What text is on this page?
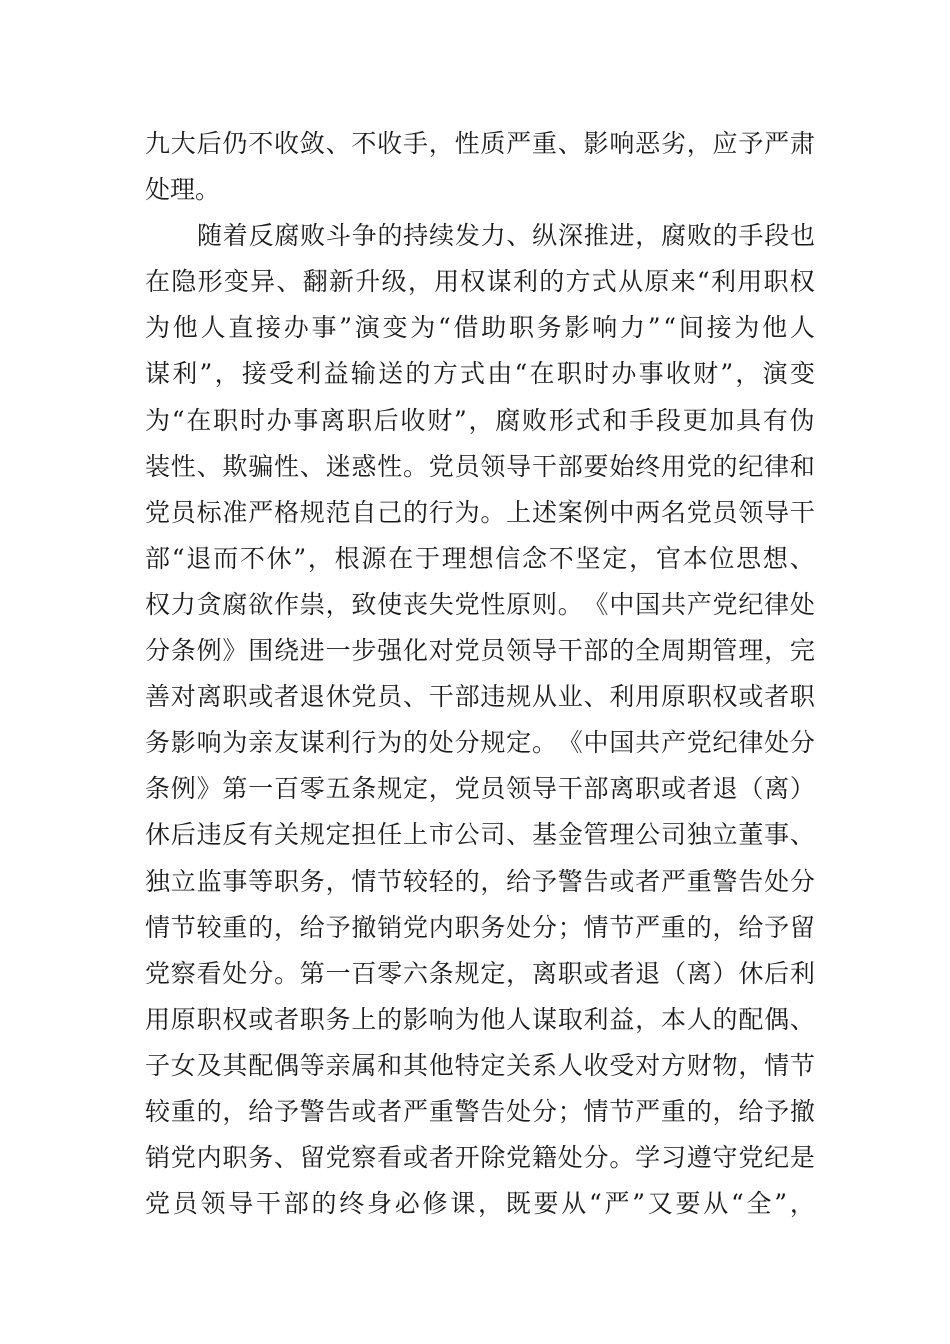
九 大 后 仍 不 收 敛 、 不 收 手 ， 性 质 严 重 、 影 响 恶 劣 ， 应 予 严 肃
处理。
随 着 反 腐 败 斗 争 的 持 续 发 力 、 纵 深 推 进 ， 腐 败 的 手 段 也
在 隐 形 变 异 、 翻 新 升 级 ， 用 权 谋 利 的 方 式 从 原 来 “ 利 用 职 权
为 他 人 直 接 办 事 ” 演 变 为 “ 借 助 职 务 影 响 力 ” “ 间 接 为 他 人
谋 利 ” ， 接 受 利 益 输 送 的 方 式 由 “ 在 职 时 办 事 收 财 ” ， 演 变
为 “ 在 职 时 办 事 离 职 后 收 财 ” ， 腐 败 形 式 和 手 段 更 加 具 有 伪
装 性 、 欺 骗 性 、 迷 惑 性 。 党 员 领 导 干 部 要 始 终 用 党 的 纪 律 和
党 员 标 准 严 格 规 范 自 己 的 行 为 。 上 述 案 例 中 两 名 党 员 领 导 干
部 “ 退 而 不 休 ” ， 根 源 在 于 理 想 信 念 不 坚 定 ， 官 本 位 思 想 、
权 力 贪 腐 欲 作 祟 ， 致 使 丧 失 党 性 原 则 。 《 中 国 共 产 党 纪 律 处
分 条 例 》 围 绕 进 一 步 强 化 对 党 员 领 导 干 部 的 全 周 期 管 理 ， 完
善 对 离 职 或 者 退 休 党 员 、 干 部 违 规 从 业 、 利 用 原 职 权 或 者 职
务 影 响 为 亲 友 谋 利 行 为 的 处 分 规 定 。 《 中 国 共 产 党 纪 律 处 分
条 例 》 第 一 百 零 五 条 规 定 ， 党 员 领 导 干 部 离 职 或 者 退 （ 离 ）
休 后 违 反 有 关 规 定 担 任 上 市 公 司 、 基 金 管 理 公 司 独 立 董 事 、
独 立 监 事 等 职 务 ， 情 节 较 轻 的 ， 给 予 警 告 或 者 严 重 警 告 处 分
情 节 较 重 的 ， 给 予 撤 销 党 内 职 务 处 分 ； 情 节 严 重 的 ， 给 予 留
党 察 看 处 分 。 第 一 百 零 六 条 规 定 ， 离 职 或 者 退 （ 离 ） 休 后 利
用 原 职 权 或 者 职 务 上 的 影 响 为 他 人 谋 取 利 益 ， 本 人 的 配 偶 、
子 女 及 其 配 偶 等 亲 属 和 其 他 特 定 关 系 人 收 受 对 方 财 物 ， 情 节
较 重 的 ， 给 予 警 告 或 者 严 重 警 告 处 分 ； 情 节 严 重 的 ， 给 予 撤
销 党 内 职 务 、 留 党 察 看 或 者 开 除 党 籍 处 分 。 学 习 遵 守 党 纪 是
党 员 领 导 干 部 的 终 身 必 修 课 ， 既 要 从 “ 严 ” 又 要 从 “ 全 ” ，
